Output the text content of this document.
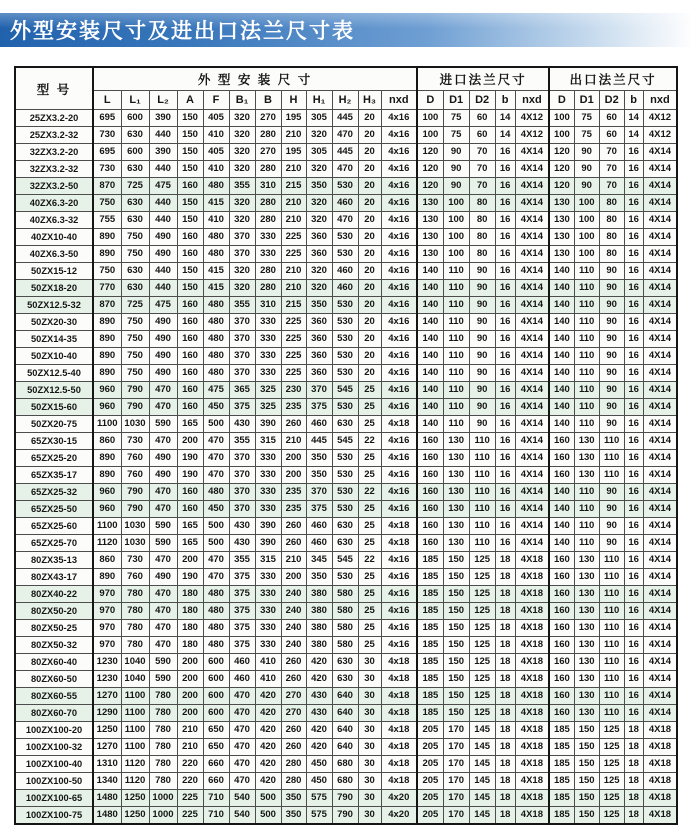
外型安装尺寸及进出口法兰尺寸表
型 号	外 型 安 装 尺 寸												进口法兰尺寸					出口法兰尺寸				
	L	L₁	L₂	A	F	B₁	B	H	H₁	H₂	H₃	nxd	D	D1	D2	b	nxd	D	D1	D2	b	nxd
25ZX3.2-20	695	600	390	150	405	320	270	195	305	445	20	4x16	100	75	60	14	4X12	100	75	60	14	4X12
25ZX3.2-32	730	630	440	150	410	320	280	210	320	470	20	4x16	100	75	60	14	4X12	100	75	60	14	4X12
32ZX3.2-20	695	600	390	150	405	320	270	195	305	445	20	4x16	120	90	70	16	4X14	120	90	70	16	4X14
32ZX3.2-32	730	630	440	150	410	320	280	210	320	470	20	4x16	120	90	70	16	4X14	120	90	70	16	4X14
32ZX3.2-50	870	725	475	160	480	355	310	215	350	530	20	4x16	120	90	70	16	4X14	120	90	70	16	4X14
40ZX6.3-20	750	630	440	150	415	320	280	210	320	460	20	4x16	130	100	80	16	4X14	130	100	80	16	4X14
40ZX6.3-32	755	630	440	150	410	320	280	210	320	470	20	4x16	130	100	80	16	4X14	130	100	80	16	4X14
40ZX10-40	890	750	490	160	480	370	330	225	360	530	20	4x16	130	100	80	16	4X14	130	100	80	16	4X14
40ZX6.3-50	890	750	490	160	480	370	330	225	360	530	20	4x16	130	100	80	16	4X14	130	100	80	16	4X14
50ZX15-12	750	630	440	150	415	320	280	210	320	460	20	4x16	140	110	90	16	4X14	140	110	90	16	4X14
50ZX18-20	770	630	440	150	415	320	280	210	320	460	20	4x16	140	110	90	16	4X14	140	110	90	16	4X14
50ZX12.5-32	870	725	475	160	480	355	310	215	350	530	20	4x16	140	110	90	16	4X14	140	110	90	16	4X14
50ZX20-30	890	750	490	160	480	370	330	225	360	530	20	4x16	140	110	90	16	4X14	140	110	90	16	4X14
50ZX14-35	890	750	490	160	480	370	330	225	360	530	20	4x16	140	110	90	16	4X14	140	110	90	16	4X14
50ZX10-40	890	750	490	160	480	370	330	225	360	530	20	4x16	140	110	90	16	4X14	140	110	90	16	4X14
50ZX12.5-40	890	750	490	160	480	370	330	225	360	530	20	4x16	140	110	90	16	4X14	140	110	90	16	4X14
50ZX12.5-50	960	790	470	160	475	365	325	230	370	545	25	4x16	140	110	90	16	4X14	140	110	90	16	4X14
50ZX15-60	960	790	470	160	450	375	325	235	375	530	25	4x16	140	110	90	16	4X14	140	110	90	16	4X14
50ZX20-75	1100	1030	590	165	500	430	390	260	460	630	25	4x18	140	110	90	16	4X14	140	110	90	16	4X14
65ZX30-15	860	730	470	200	470	355	315	210	445	545	22	4x16	160	130	110	16	4X14	160	130	110	16	4X14
65ZX25-20	890	760	490	190	470	370	330	200	350	530	25	4x16	160	130	110	16	4X14	160	130	110	16	4X14
65ZX35-17	890	760	490	190	470	370	330	200	350	530	25	4x16	160	130	110	16	4X14	160	130	110	16	4X14
65ZX25-32	960	790	470	160	480	370	330	235	370	530	22	4x16	160	130	110	16	4X14	140	110	90	16	4X14
65ZX25-50	960	790	470	160	450	370	330	235	375	530	25	4x16	160	130	110	16	4X14	140	110	90	16	4X14
65ZX25-60	1100	1030	590	165	500	430	390	260	460	630	25	4x18	160	130	110	16	4X14	140	110	90	16	4X14
65ZX25-70	1120	1030	590	165	500	430	390	260	460	630	25	4x18	160	130	110	16	4X14	140	110	90	16	4X14
80ZX35-13	860	730	470	200	470	355	315	210	345	545	22	4x16	185	150	125	18	4X18	160	130	110	16	4X14
80ZX43-17	890	760	490	190	470	375	330	200	350	530	25	4x16	185	150	125	18	4X18	160	130	110	16	4X14
80ZX40-22	970	780	470	180	480	375	330	240	380	580	25	4x16	185	150	125	18	4X18	160	130	110	16	4X14
80ZX50-20	970	780	470	180	480	375	330	240	380	580	25	4x16	185	150	125	18	4X18	160	130	110	16	4X14
80ZX50-25	970	780	470	180	480	375	330	240	380	580	25	4x16	185	150	125	18	4X18	160	130	110	16	4X14
80ZX50-32	970	780	470	180	480	375	330	240	380	580	25	4x16	185	150	125	18	4X18	160	130	110	16	4X14
80ZX60-40	1230	1040	590	200	600	460	410	260	420	630	30	4x18	185	150	125	18	4X18	160	130	110	16	4X14
80ZX60-50	1230	1040	590	200	600	460	410	260	420	630	30	4x18	185	150	125	18	4X18	160	130	110	16	4X14
80ZX60-55	1270	1100	780	200	600	470	420	270	430	640	30	4x18	185	150	125	18	4X18	160	130	110	16	4X14
80ZX60-70	1290	1100	780	200	600	470	420	270	430	640	30	4x18	185	150	125	18	4X18	160	130	110	16	4X14
100ZX100-20	1250	1100	780	210	650	470	420	260	420	640	30	4x18	205	170	145	18	4X18	185	150	125	18	4X18
100ZX100-32	1270	1100	780	210	650	470	420	260	420	640	30	4x18	205	170	145	18	4X18	185	150	125	18	4X18
100ZX100-40	1310	1120	780	220	660	470	420	280	450	680	30	4x18	205	170	145	18	4X18	185	150	125	18	4X18
100ZX100-50	1340	1120	780	220	660	470	420	280	450	680	30	4x18	205	170	145	18	4X18	185	150	125	18	4X18
100ZX100-65	1480	1250	1000	225	710	540	500	350	575	790	30	4x20	205	170	145	18	4X18	185	150	125	18	4X18
100ZX100-75	1480	1250	1000	225	710	540	500	350	575	790	30	4x20	205	170	145	18	4X18	185	150	125	18	4X18
